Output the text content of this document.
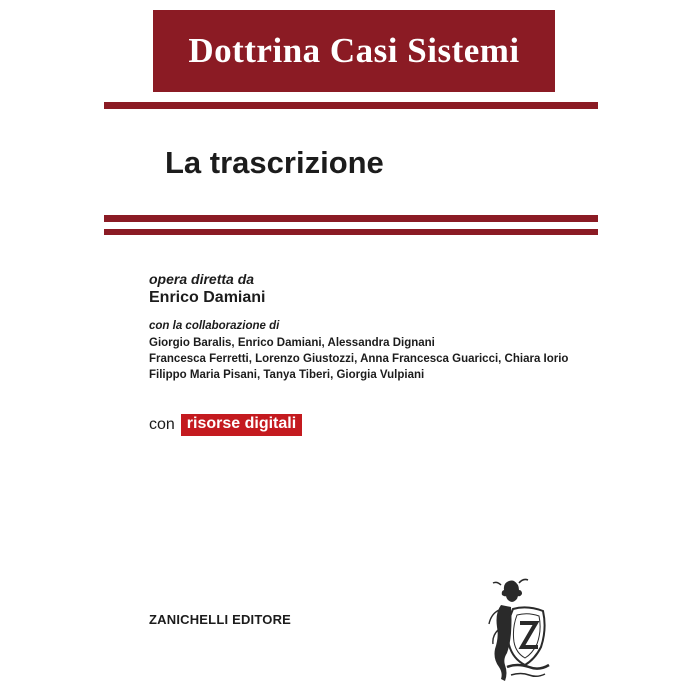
Dottrina Casi Sistemi
La trascrizione
opera diretta da
Enrico Damiani
con la collaborazione di
Giorgio Baralis, Enrico Damiani, Alessandra Dignani
Francesca Ferretti, Lorenzo Giustozzi, Anna Francesca Guaricci, Chiara Iorio
Filippo Maria Pisani, Tanya Tiberi, Giorgia Vulpiani
con risorse digitali
ZANICHELLI EDITORE
